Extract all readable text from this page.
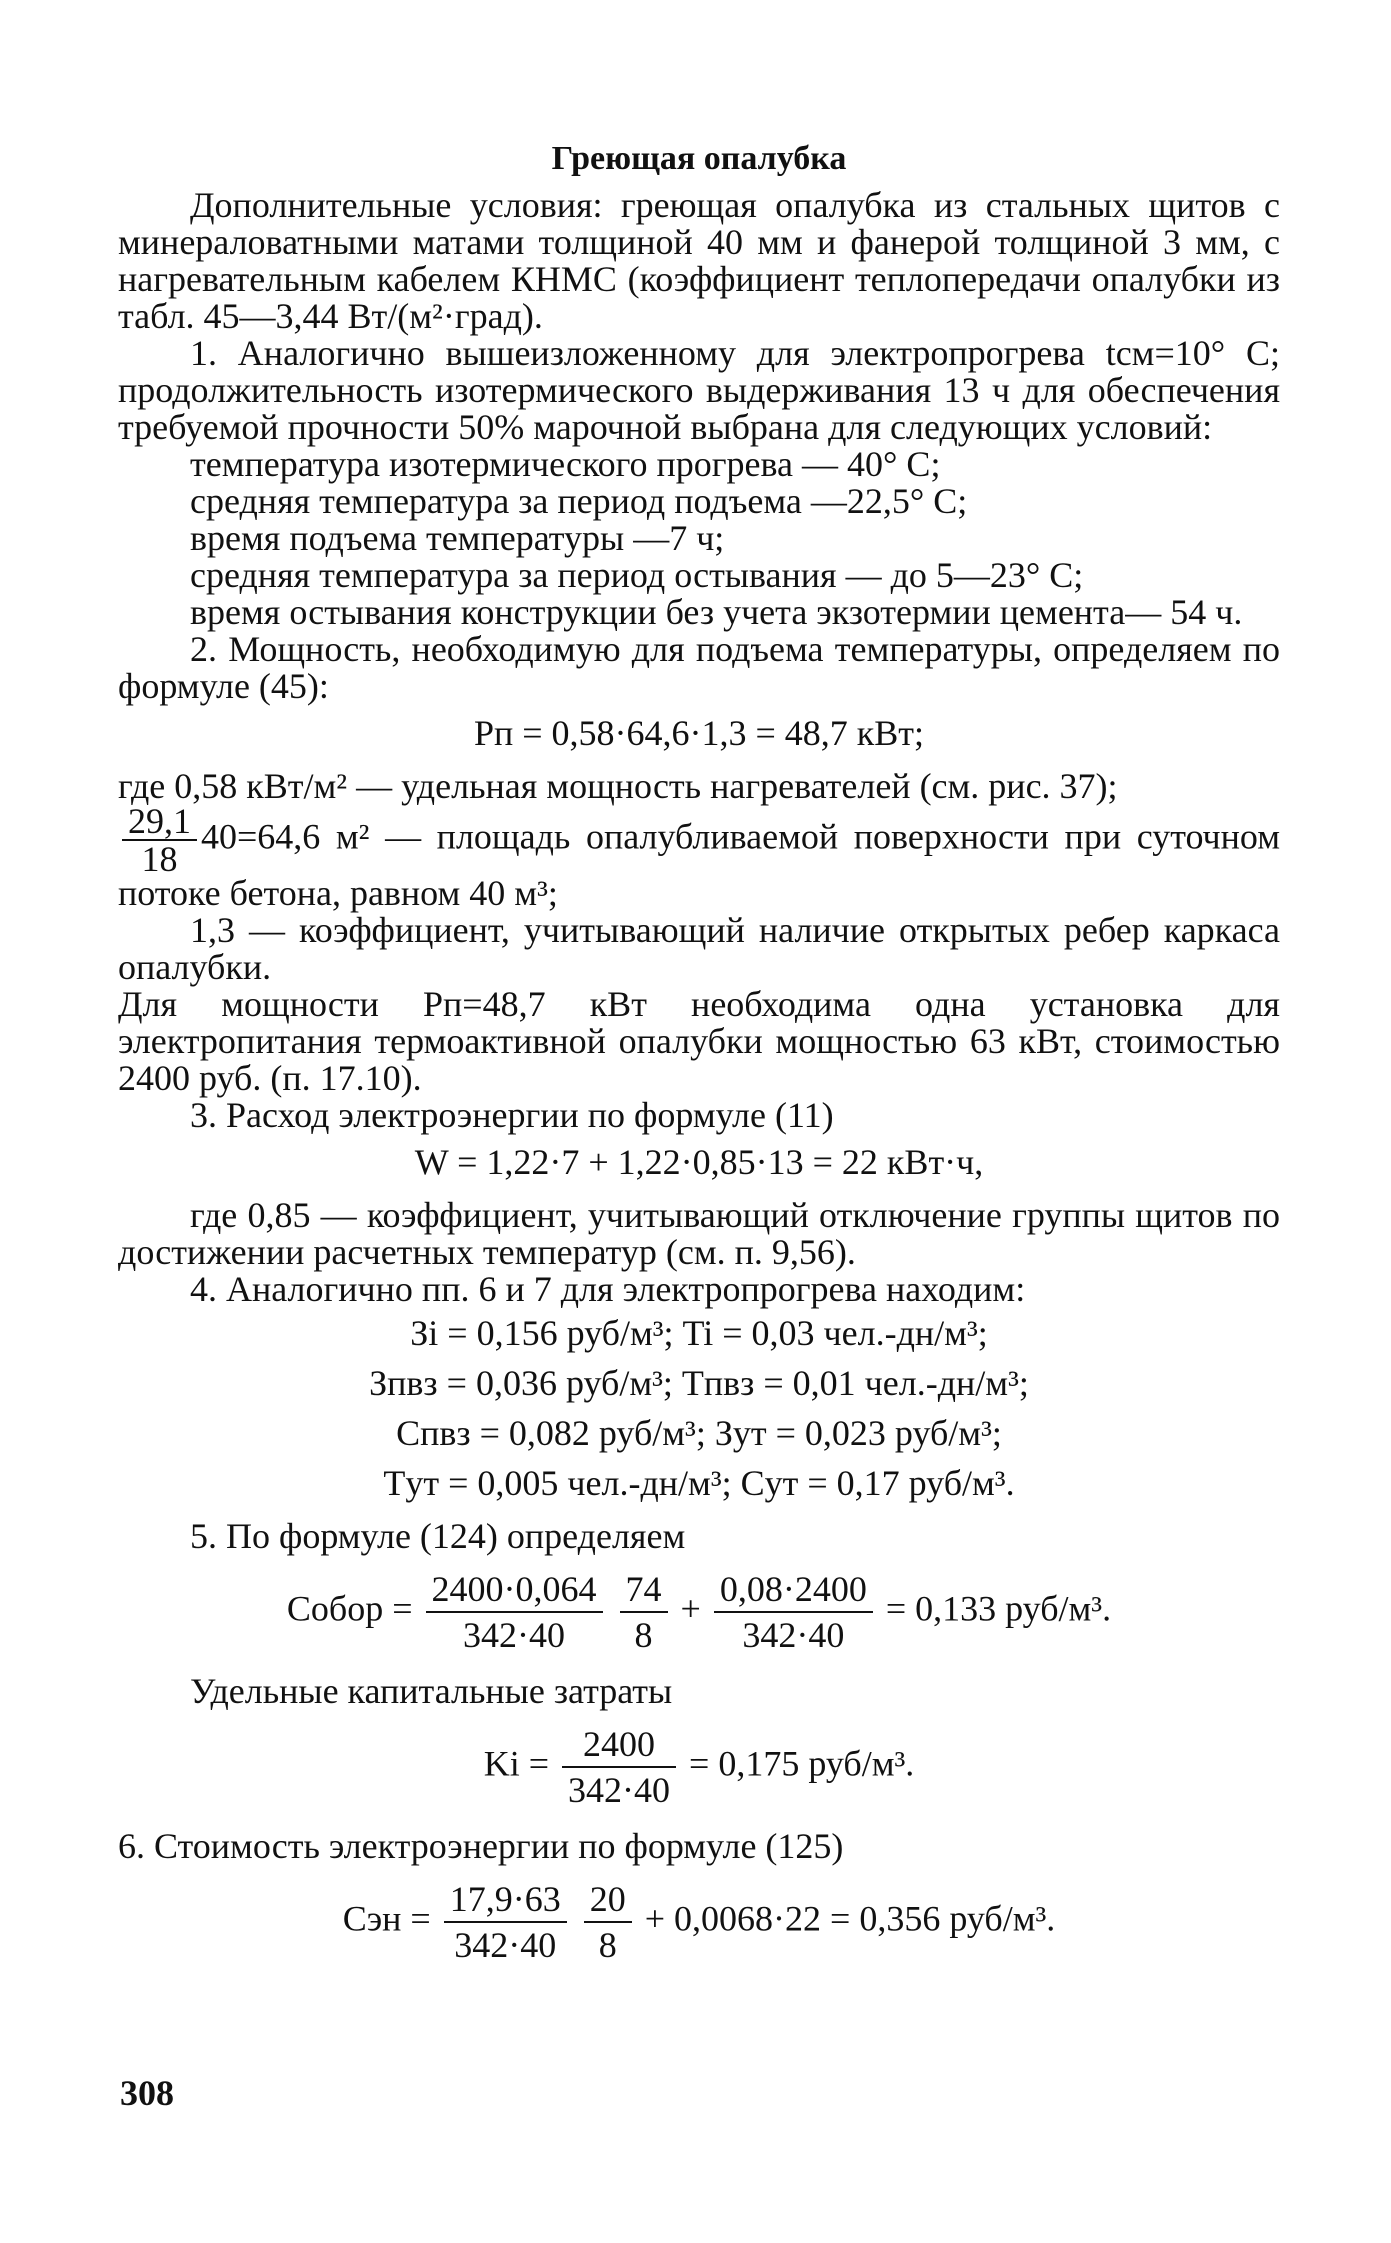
Греющая опалубка

Дополнительные условия: греющая опалубка из стальных щитов с минераловатными матами толщиной 40 мм и фанерой толщиной 3 мм, с нагревательным кабелем КНМС (коэффициент теплопередачи опалубки из табл. 45—3,44 Вт/(м²·град).

1. Аналогично вышеизложенному для электропрогрева tсм=10° С; продолжительность изотермического выдерживания 13 ч для обеспечения требуемой прочности 50% марочной выбрана для следующих условий:

температура изотермического прогрева — 40° С;

средняя температура за период подъема —22,5° С;

время подъема температуры —7 ч;

средняя температура за период остывания — до 5—23° С;

время остывания конструкции без учета экзотермии цемента— 54 ч.

2. Мощность, необходимую для подъема температуры, определяем по формуле (45):

Pп = 0,58·64,6·1,3 = 48,7 кВт;

где 0,58 кВт/м² — удельная мощность нагревателей (см. рис. 37);

$\frac{29,1}{18} 40=64,6$ м² — площадь опалубливаемой поверхности при суточном потоке бетона, равном 40 м³;

1,3 — коэффициент, учитывающий наличие открытых ребер каркаса опалубки.

Для мощности Pп=48,7 кВт необходима одна установка для электропитания термоактивной опалубки мощностью 63 кВт, стоимостью 2400 руб. (п. 17.10).

3. Расход электроэнергии по формуле (11)

W = 1,22·7 + 1,22·0,85·13 = 22 кВт·ч,

где 0,85 — коэффициент, учитывающий отключение группы щитов по достижении расчетных температур (см. п. 9,56).

4. Аналогично пп. 6 и 7 для электропрогрева находим:

Зi = 0,156 руб/м³; Ti = 0,03 чел.-дн/м³;
Зпвз = 0,036 руб/м³; Tпвз = 0,01 чел.-дн/м³;
Cпвз = 0,082 руб/м³; Зут = 0,023 руб/м³;
Tут = 0,005 чел.-дн/м³; Cут = 0,17 руб/м³.

5. По формуле (124) определяем

Cобор = $\frac{2400\cdot 0,064}{342\cdot 40}$
$\frac{74}{8} + \frac{0,08\cdot 2400}{342\cdot 40} = 0,133$ руб/м³.

Удельные капитальные затраты

$Ki = \frac{2400}{342\cdot 40} = 0,175$ руб/м³.

6. Стоимость электроэнергии по формуле (125)

Cэн = $\frac{17,9\cdot 63}{342\cdot 40}$
$\frac{20}{8} + 0,0068\cdot 22 = 0,356$ руб/м³.
308
